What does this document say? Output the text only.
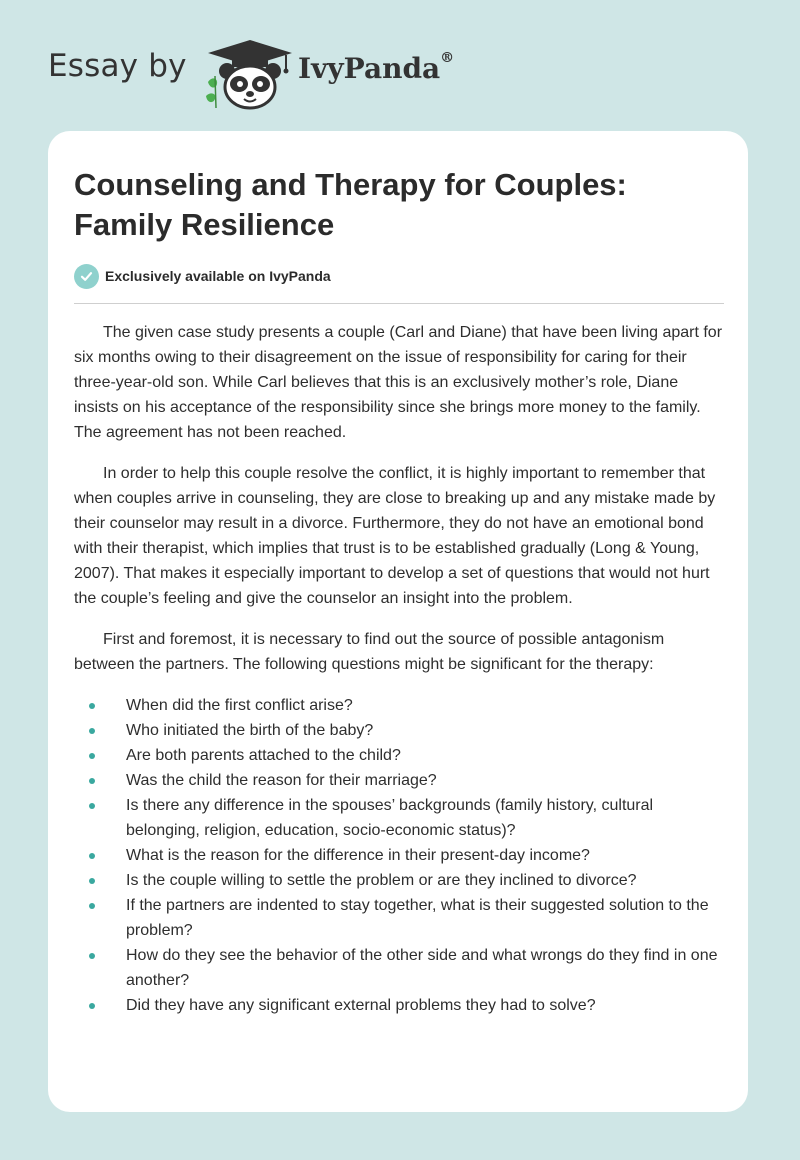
Essay by	IvyPanda®
Counseling and Therapy for Couples: Family Resilience
Exclusively available on IvyPanda

The given case study presents a couple (Carl and Diane) that have been living apart for six months owing to their disagreement on the issue of responsibility for caring for their three-year-old son. While Carl believes that this is an exclusively mother’s role, Diane insists on his acceptance of the responsibility since she brings more money to the family. The agreement has not been reached.

In order to help this couple resolve the conflict, it is highly important to remember that when couples arrive in counseling, they are close to breaking up and any mistake made by their counselor may result in a divorce. Furthermore, they do not have an emotional bond with their therapist, which implies that trust is to be established gradually (Long & Young, 2007). That makes it especially important to develop a set of questions that would not hurt the couple’s feeling and give the counselor an insight into the problem.

First and foremost, it is necessary to find out the source of possible antagonism between the partners. The following questions might be significant for the therapy:

When did the first conflict arise?
Who initiated the birth of the baby?
Are both parents attached to the child?
Was the child the reason for their marriage?
Is there any difference in the spouses’ backgrounds (family history, cultural belonging, religion, education, socio-economic status)?
What is the reason for the difference in their present-day income?
Is the couple willing to settle the problem or are they inclined to divorce?
If the partners are indented to stay together, what is their suggested solution to the problem?
How do they see the behavior of the other side and what wrongs do they find in one another?
Did they have any significant external problems they had to solve?
